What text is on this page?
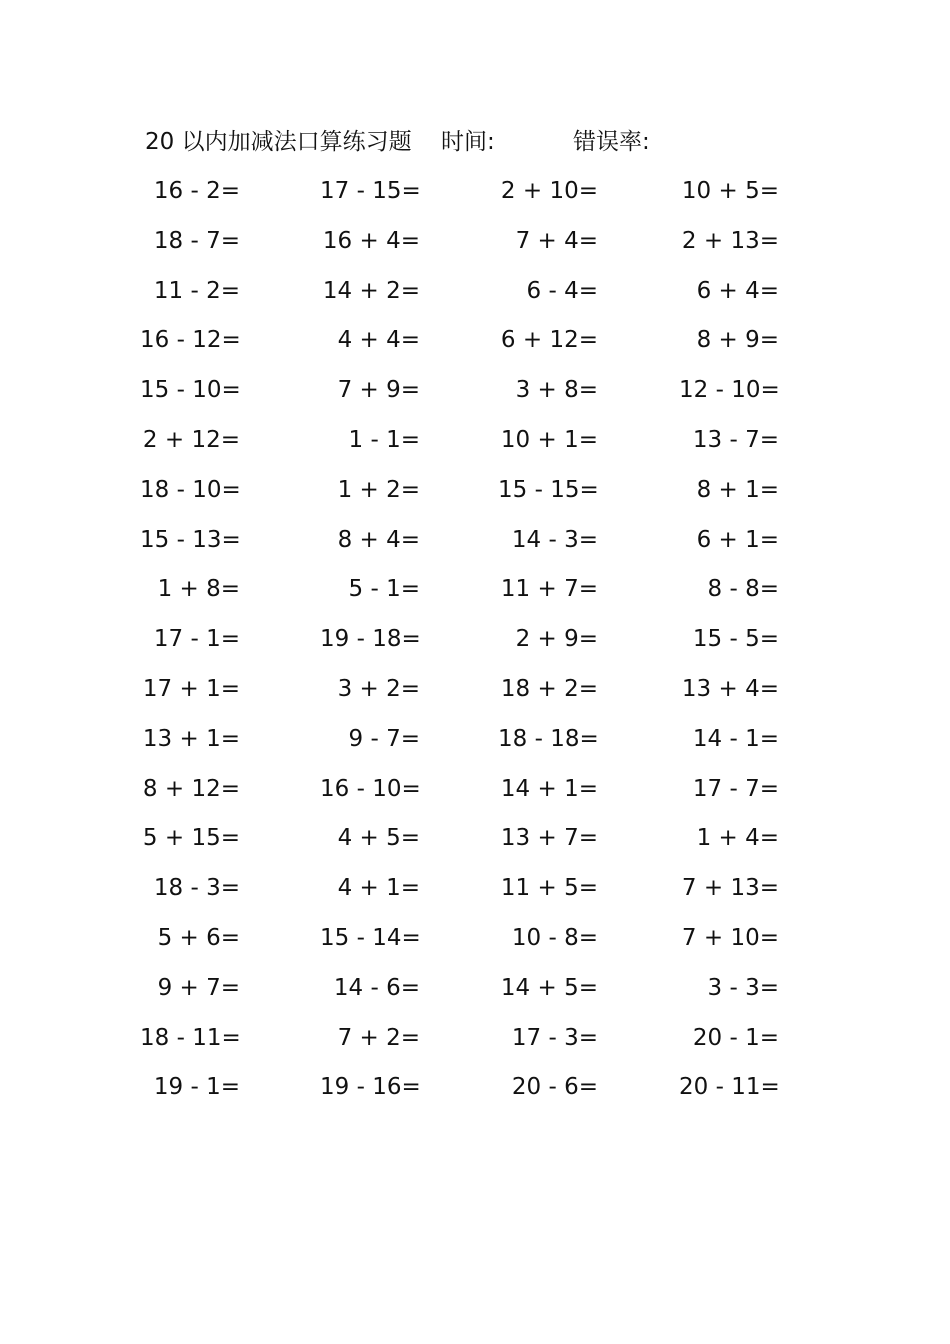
20 以内加减法口算练习题 时间:	错误率:
16 - 2=	17 - 15=	2 + 10=	10 + 5=
18 - 7=	16 + 4=	7 + 4=	2 + 13=
11 - 2=	14 + 2=	6 - 4=	6 + 4=
16 - 12=	4 + 4=	6 + 12=	8 + 9=
15 - 10=	7 + 9=	3 + 8=	12 - 10=
2 + 12=	1 - 1=	10 + 1=	13 - 7=
18 - 10=	1 + 2=	15 - 15=	8 + 1=
15 - 13=	8 + 4=	14 - 3=	6 + 1=
1 + 8=	5 - 1=	11 + 7=	8 - 8=
17 - 1=	19 - 18=	2 + 9=	15 - 5=
17 + 1=	3 + 2=	18 + 2=	13 + 4=
13 + 1=	9 - 7=	18 - 18=	14 - 1=
8 + 12=	16 - 10=	14 + 1=	17 - 7=
5 + 15=	4 + 5=	13 + 7=	1 + 4=
18 - 3=	4 + 1=	11 + 5=	7 + 13=
5 + 6=	15 - 14=	10 - 8=	7 + 10=
9 + 7=	14 - 6=	14 + 5=	3 - 3=
18 - 11=	7 + 2=	17 - 3=	20 - 1=
19 - 1=	19 - 16=	20 - 6=	20 - 11=
